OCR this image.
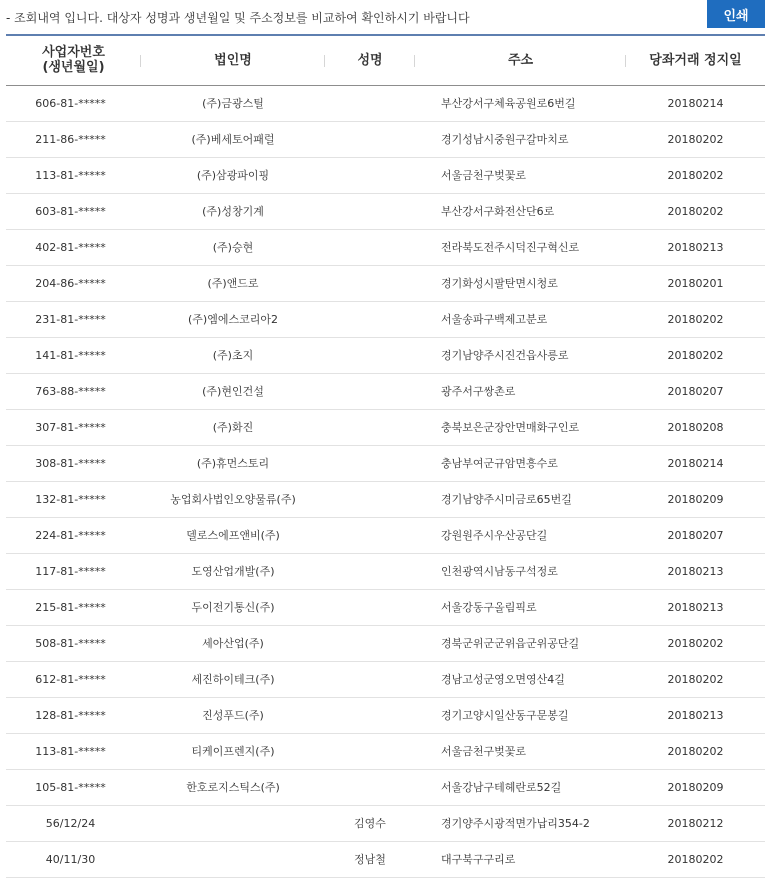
- 조회내역 입니다. 대상자 성명과 생년월일 및 주소정보를 비교하여 확인하시기 바랍니다	인쇄
사업자번호
(생년월일)	법인명	성명	주소	당좌거래 정지일
606-81-*****	(주)금광스틸		부산강서구체육공원로6번길	20180214
211-86-*****	(주)베세토어패럴		경기성남시중원구갈마치로	20180202
113-81-*****	(주)삼광파이핑		서울금천구벚꽃로	20180202
603-81-*****	(주)성창기계		부산강서구화전산단6로	20180202
402-81-*****	(주)승현		전라북도전주시덕진구혁신로	20180213
204-86-*****	(주)앤드로		경기화성시팔탄면시청로	20180201
231-81-*****	(주)엠에스코리아2		서울송파구백제고분로	20180202
141-81-*****	(주)초지		경기남양주시진건읍사릉로	20180202
763-88-*****	(주)현인건설		광주서구쌍촌로	20180207
307-81-*****	(주)화진		충북보은군장안면매화구인로	20180208
308-81-*****	(주)휴먼스토리		충남부여군규암면흥수로	20180214
132-81-*****	농업회사법인오양물류(주)		경기남양주시미금로65번길	20180209
224-81-*****	델로스에프앤비(주)		강원원주시우산공단길	20180207
117-81-*****	도영산업개발(주)		인천광역시남동구석정로	20180213
215-81-*****	두이전기통신(주)		서울강동구올림픽로	20180213
508-81-*****	세아산업(주)		경북군위군군위읍군위공단길	20180202
612-81-*****	세진하이테크(주)		경남고성군영오면영산4길	20180202
128-81-*****	진성푸드(주)		경기고양시일산동구문봉길	20180213
113-81-*****	티케이프렌지(주)		서울금천구벚꽃로	20180202
105-81-*****	한호로지스틱스(주)		서울강남구테헤란로52길	20180209
56/12/24		김영수	경기양주시광적면가납리354-2	20180212
40/11/30		정남철	대구북구구리로	20180202
